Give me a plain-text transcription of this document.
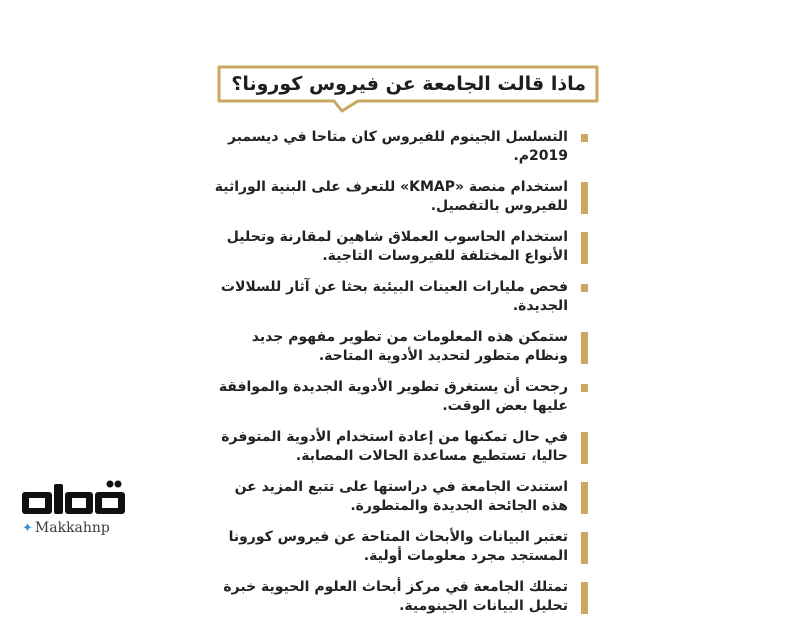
ماذا قالت الجامعة عن فيروس كورونا؟
التسلسل الجينوم للفيروس كان متاحا في ديسمبر 2019م.
استخدام منصة «KMAP» للتعرف على البنية الوراثية للفيروس بالتفصيل.
استخدام الحاسوب العملاق شاهين لمقارنة وتحليل الأنواع المختلفة للفيروسات التاجية.
فحص مليارات العينات البيئية بحثا عن آثار للسلالات الجديدة.
ستمكن هذه المعلومات من تطوير مفهوم جديد ونظام متطور لتحديد الأدوية المتاحة.
رجحت أن يستغرق تطوير الأدوية الجديدة والموافقة عليها بعض الوقت.
في حال تمكنها من إعادة استخدام الأدوية المتوفرة حاليا، تستطيع مساعدة الحالات المصابة.
استندت الجامعة في دراستها على تتبع المزيد عن هذه الجائحة الجديدة والمتطورة.
تعتبر البيانات والأبحاث المتاحة عن فيروس كورونا المستجد مجرد معلومات أولية.
تمتلك الجامعة في مركز أبحاث العلوم الحيوية خبرة تحليل البيانات الجينومية.
✦ Makkahnp
